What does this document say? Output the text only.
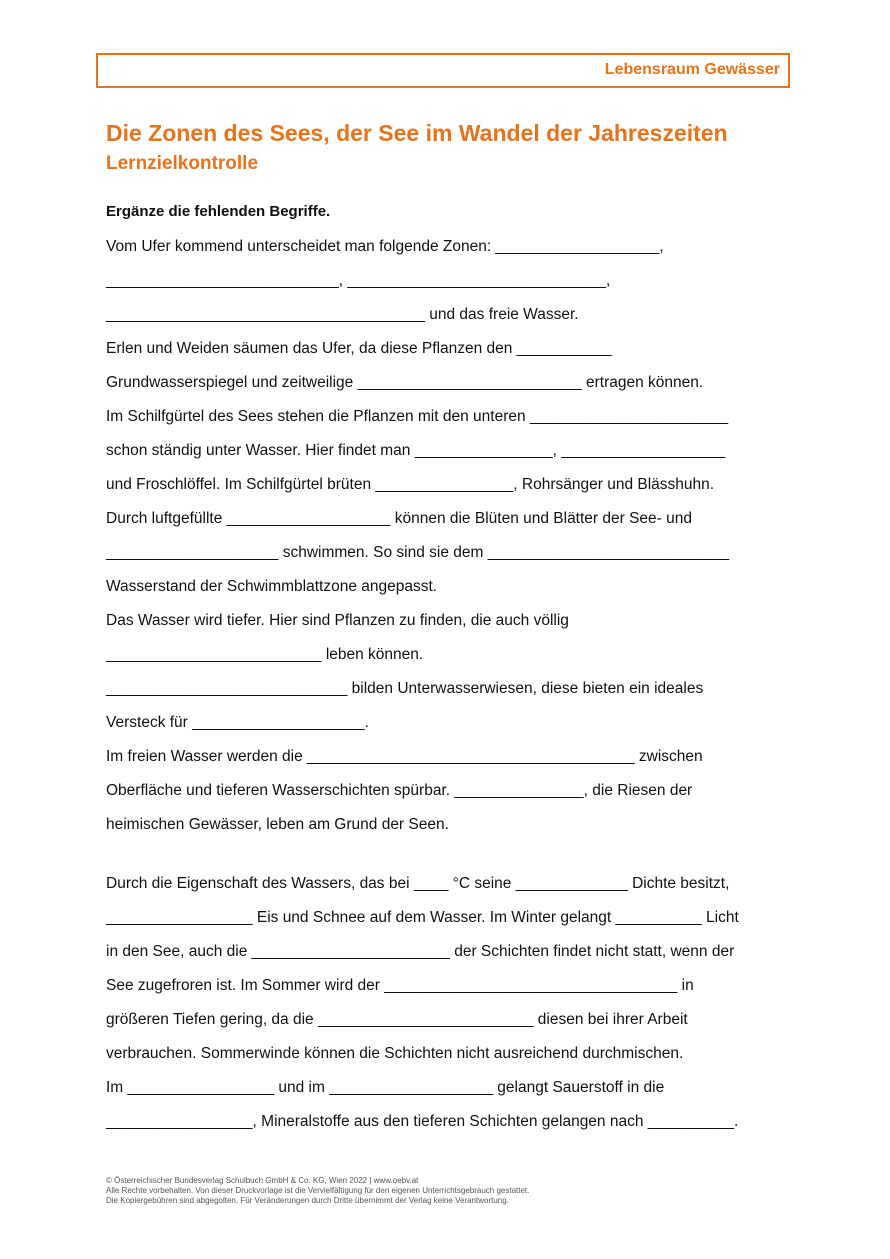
Lebensraum Gewässer
Die Zonen des Sees, der See im Wandel der Jahreszeiten
Lernzielkontrolle
Ergänze die fehlenden Begriffe.
Vom Ufer kommend unterscheidet man folgende Zonen: ___________________,
___________________________, ______________________________,
_____________________________________ und das freie Wasser.
Erlen und Weiden säumen das Ufer, da diese Pflanzen den ___________
Grundwasserspiegel und zeitweilige __________________________ ertragen können.
Im Schilfgürtel des Sees stehen die Pflanzen mit den unteren _______________________
schon ständig unter Wasser. Hier findet man ________________, ___________________
und Froschlöffel. Im Schilfgürtel brüten ________________, Rohrsänger und Blässhuhn.
Durch luftgefüllte ___________________ können die Blüten und Blätter der See- und
____________________ schwimmen. So sind sie dem ____________________________
Wasserstand der Schwimmblattzone angepasst.
Das Wasser wird tiefer. Hier sind Pflanzen zu finden, die auch völlig
_________________________ leben können.
____________________________ bilden Unterwasserwiesen, diese bieten ein ideales
Versteck für ____________________.
Im freien Wasser werden die ______________________________________ zwischen
Oberfläche und tieferen Wasserschichten spürbar. _______________, die Riesen der
heimischen Gewässer, leben am Grund der Seen.
Durch die Eigenschaft des Wassers, das bei ____ °C seine _____________ Dichte besitzt,
_________________ Eis und Schnee auf dem Wasser. Im Winter gelangt __________ Licht
in den See, auch die _______________________ der Schichten findet nicht statt, wenn der
See zugefroren ist. Im Sommer wird der __________________________________ in
größeren Tiefen gering, da die _________________________ diesen bei ihrer Arbeit
verbrauchen. Sommerwinde können die Schichten nicht ausreichend durchmischen.
Im _________________ und im ___________________ gelangt Sauerstoff in die
_________________, Mineralstoffe aus den tieferen Schichten gelangen nach __________.
© Österreichischer Bundesverlag Schulbuch GmbH & Co. KG, Wien 2022 | www.oebv.at
Alle Rechte vorbehalten. Von dieser Druckvorlage ist die Vervielfältigung für den eigenen Unterrichtsgebrauch gestattet.
Die Kopiergebühren sind abgegolten. Für Veränderungen durch Dritte übernimmt der Verlag keine Verantwortung.
